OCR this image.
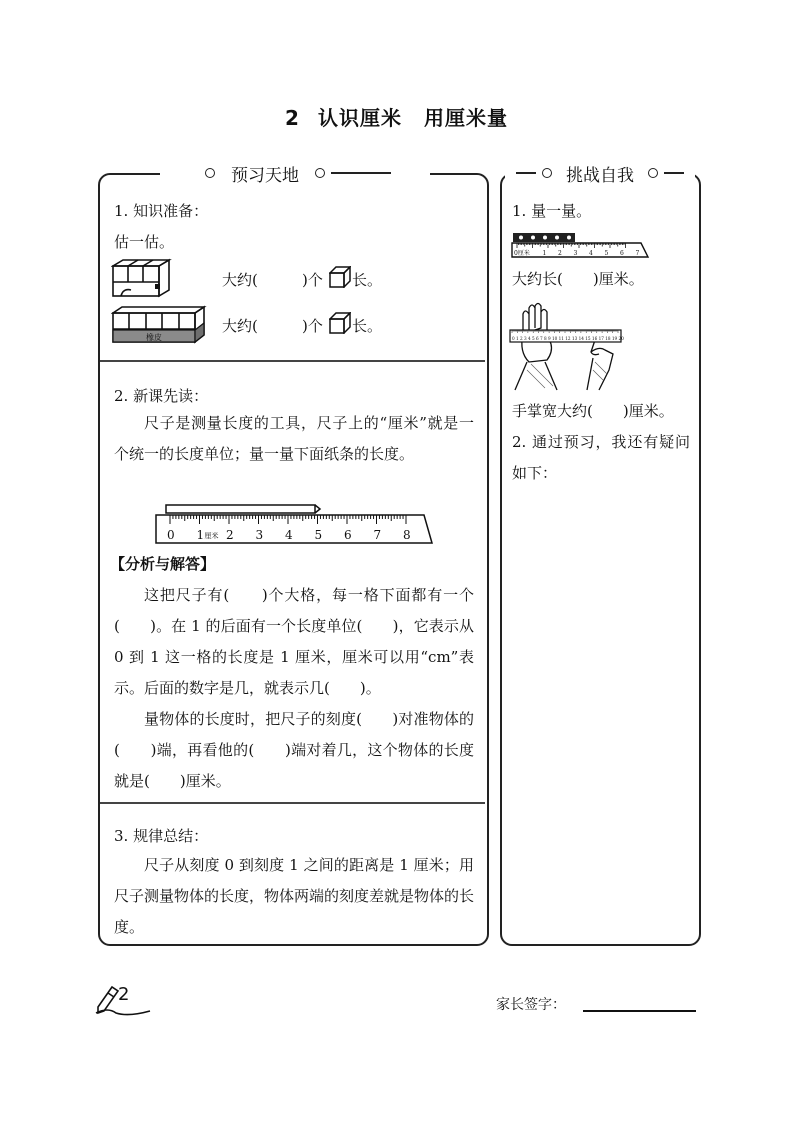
2 认识厘米 用厘米量
预习天地
1. 知识准备：
估一估。
大约(	)个 长。
橡皮
大约(	)个 长。
2. 新课先读：
尺子是测量长度的工具，尺子上的“厘米”就是一个统一的长度单位；量一量下面纸条的长度。
0 1 厘米 2 3 4 5 6 7 8
【分析与解答】
这把尺子有(　　)个大格，每一格下面都有一个(　　)。在 1 的后面有一个长度单位(　　)，它表示从 0 到 1 这一格的长度是 1 厘米，厘米可以用“cm”表示。后面的数字是几，就表示几(　　)。
量物体的长度时，把尺子的刻度(　　)对准物体的(　　)端，再看他的(　　)端对着几，这个物体的长度就是(　　)厘米。
3. 规律总结：
尺子从刻度 0 到刻度 1 之间的距离是 1 厘米；用尺子测量物体的长度，物体两端的刻度差就是物体的长度。
挑战自我
1. 量一量。
0厘米 1 2 3 4 5 6 7
大约长(　　)厘米。
0 1 2 3 4 5 6 7 8 9 10 11 12 13 14 15 16 17 18 19 20
手掌宽大约(　　)厘米。
2. 通过预习，我还有疑问如下：
2	家长签字：
